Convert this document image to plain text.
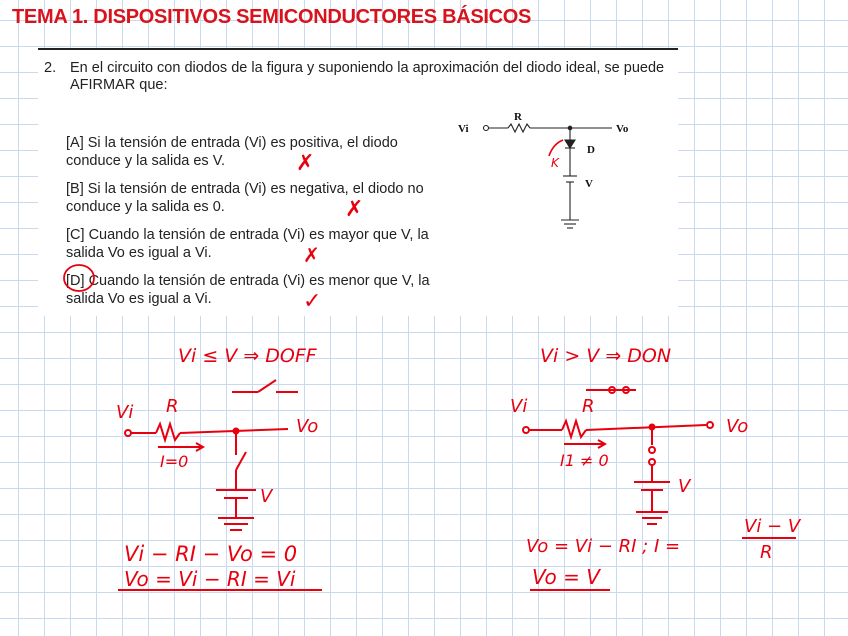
TEMA 1. DISPOSITIVOS SEMICONDUCTORES BÁSICOS
2. En el circuito con diodos de la figura y suponiendo la aproximación del diodo ideal, se puede AFIRMAR que:
[A] Si la tensión de entrada (Vi) es positiva, el diodo conduce y la salida es V.
[B] Si la tensión de entrada (Vi) es negativa, el diodo no conduce y la salida es 0.
[C] Cuando la tensión de entrada (Vi) es mayor que V, la salida Vo es igual a Vi.
[D] Cuando la tensión de entrada (Vi) es menor que V, la salida Vo es igual a Vi.
Vi
R
Vo
D
V
K
✗
✗
✗
✓
Vi ≤ V ⇒ DOFF
Vi R
Vo
I=0
V
Vi − RI − Vo = 0
Vo = Vi − RI = Vi
Vi > V ⇒ DON
Vi	R
Vo
I1 ≠ 0
V
Vo = Vi − RI ; I =
Vi − V
R
Vo = V
